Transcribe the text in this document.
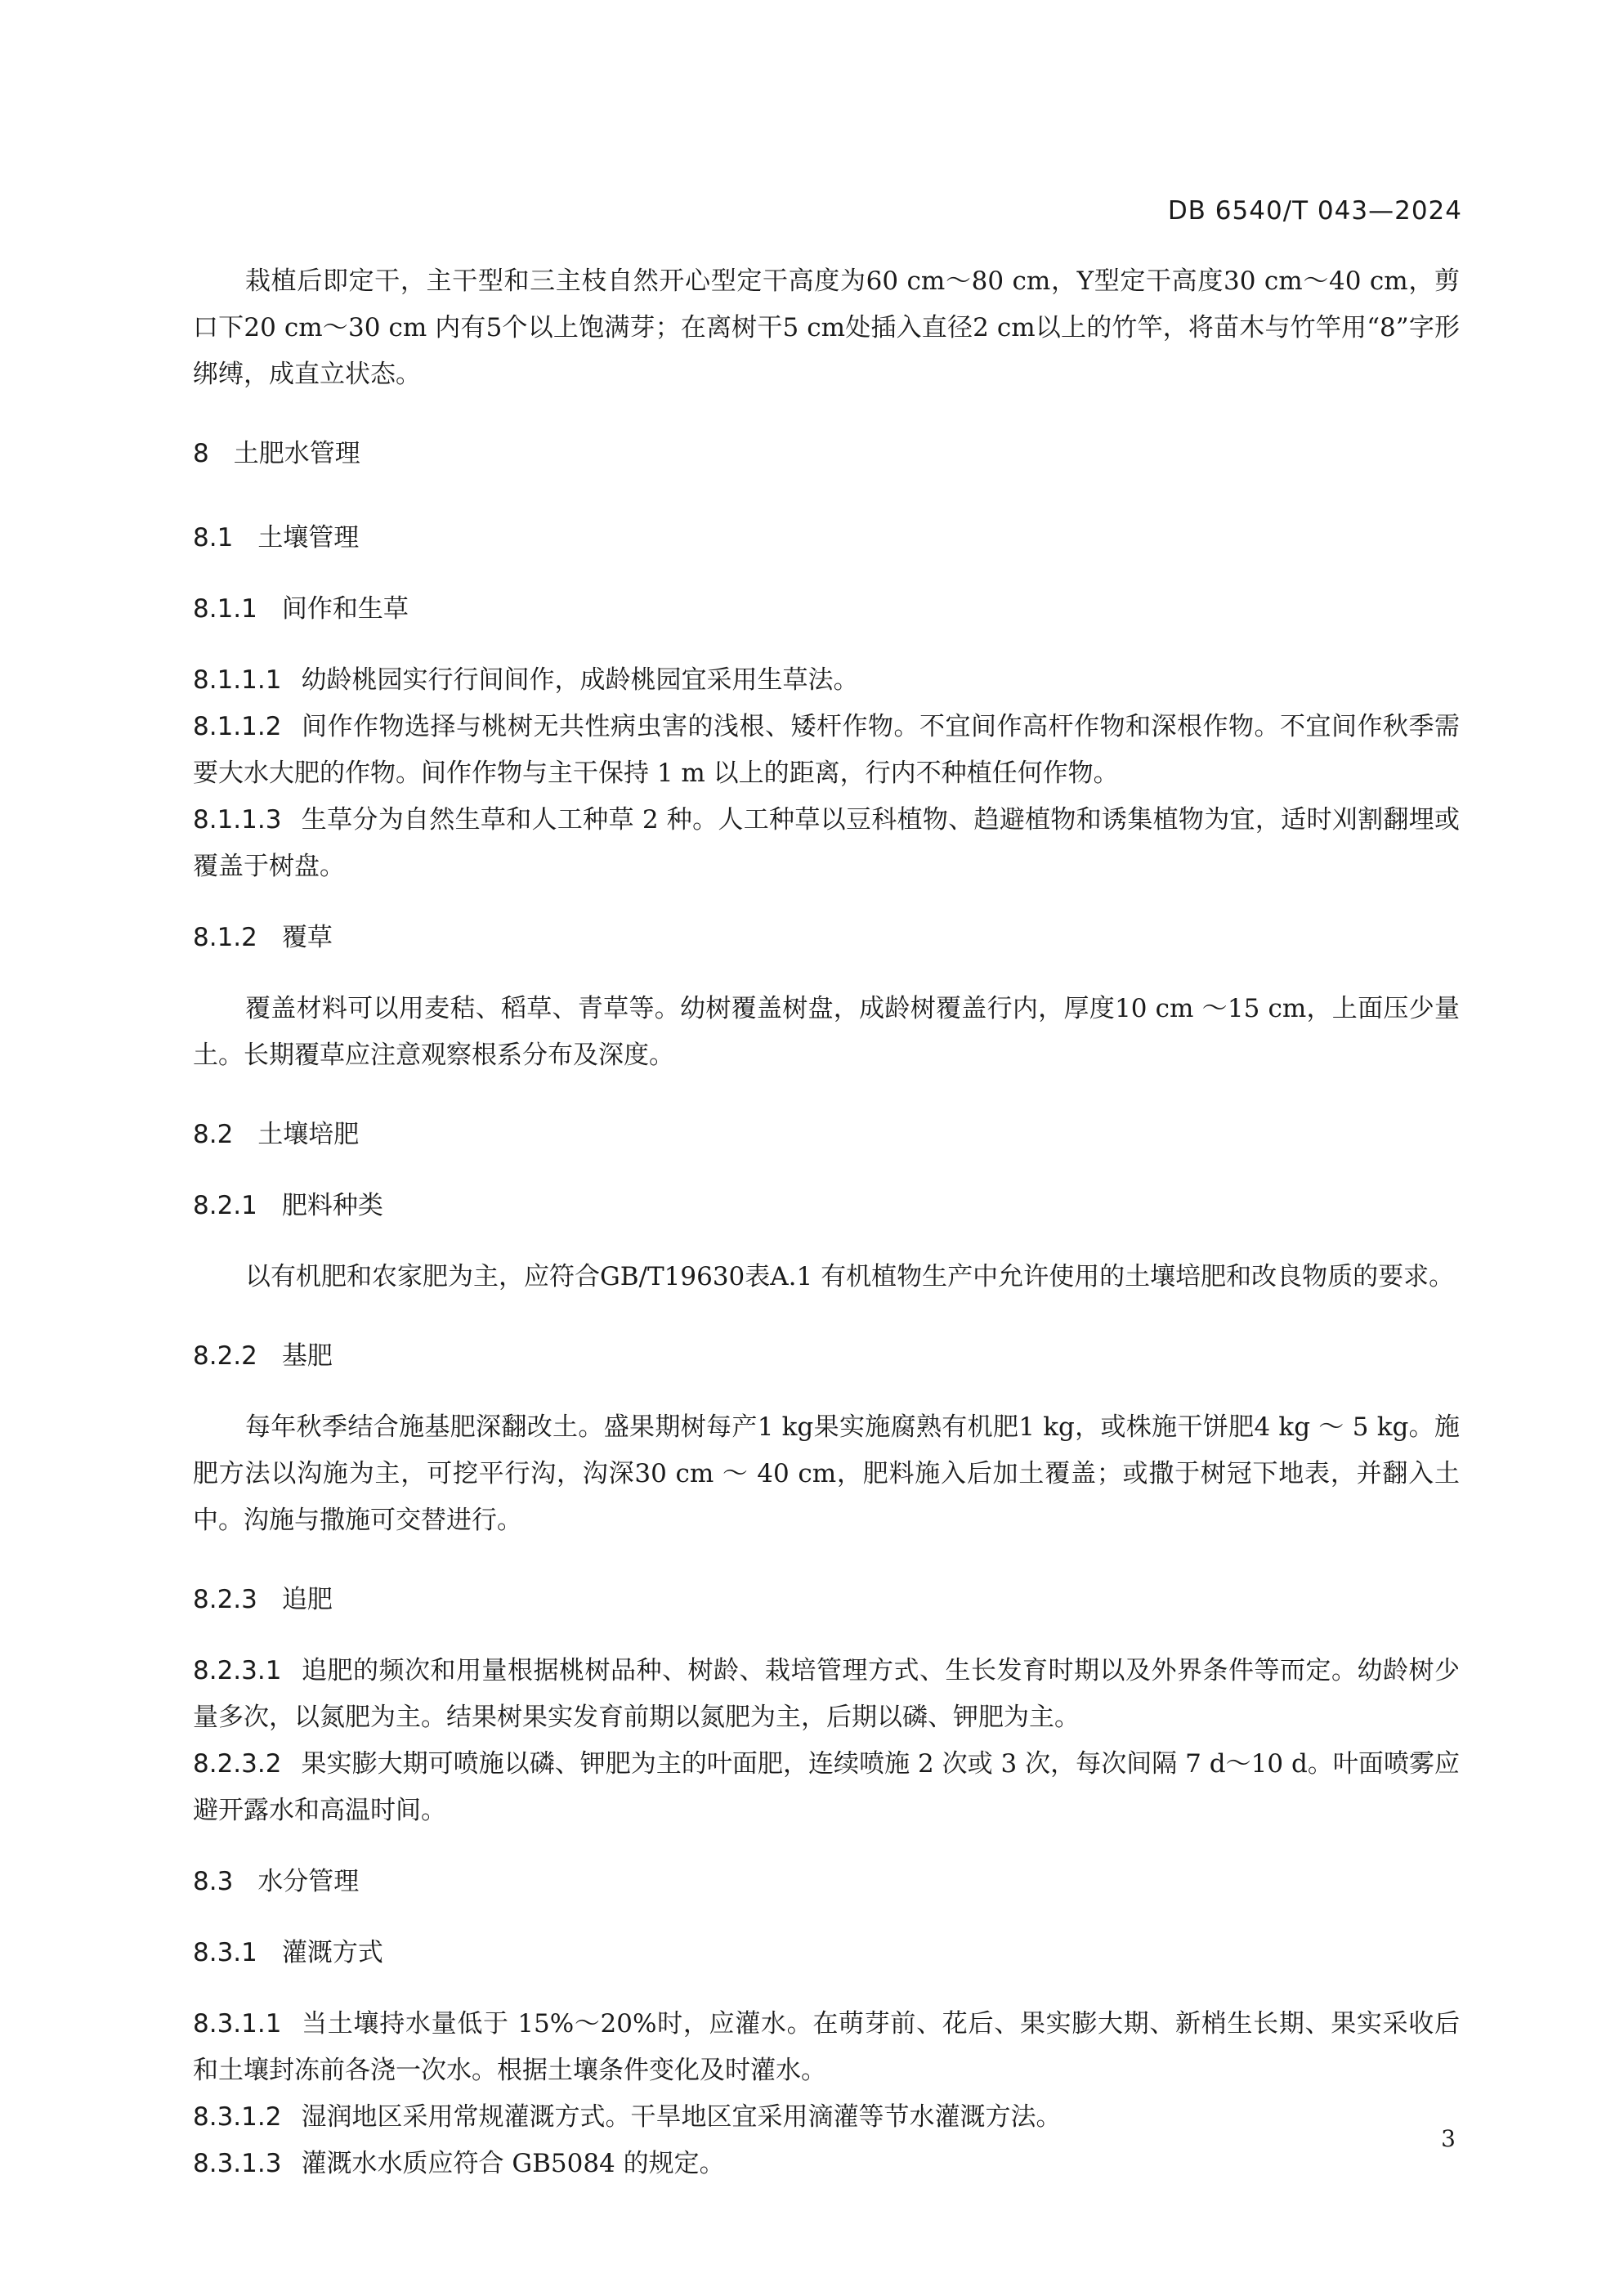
DB 6540/T 043—2024

栽植后即定干，主干型和三主枝自然开心型定干高度为60 cm～80 cm，Y型定干高度30 cm～40 cm，剪口下20 cm～30 cm 内有5个以上饱满芽；在离树干5 cm处插入直径2 cm以上的竹竿，将苗木与竹竿用“8”字形绑缚，成直立状态。

8 土肥水管理
8.1 土壤管理
8.1.1 间作和生草

8.1.1.1 幼龄桃园实行行间间作，成龄桃园宜采用生草法。

8.1.1.2 间作作物选择与桃树无共性病虫害的浅根、矮杆作物。不宜间作高杆作物和深根作物。不宜间作秋季需要大水大肥的作物。间作作物与主干保持 1 m 以上的距离，行内不种植任何作物。

8.1.1.3 生草分为自然生草和人工种草 2 种。人工种草以豆科植物、趋避植物和诱集植物为宜，适时刈割翻埋或覆盖于树盘。

8.1.2 覆草

覆盖材料可以用麦秸、稻草、青草等。幼树覆盖树盘，成龄树覆盖行内，厚度10 cm ～15 cm，上面压少量土。长期覆草应注意观察根系分布及深度。

8.2 土壤培肥
8.2.1 肥料种类

以有机肥和农家肥为主，应符合GB/T19630表A.1 有机植物生产中允许使用的土壤培肥和改良物质的要求。

8.2.2 基肥

每年秋季结合施基肥深翻改土。盛果期树每产1 kg果实施腐熟有机肥1 kg，或株施干饼肥4 kg ～ 5 kg。施肥方法以沟施为主，可挖平行沟，沟深30 cm ～ 40 cm，肥料施入后加土覆盖；或撒于树冠下地表，并翻入土中。沟施与撒施可交替进行。

8.2.3 追肥

8.2.3.1 追肥的频次和用量根据桃树品种、树龄、栽培管理方式、生长发育时期以及外界条件等而定。幼龄树少量多次，以氮肥为主。结果树果实发育前期以氮肥为主，后期以磷、钾肥为主。

8.2.3.2 果实膨大期可喷施以磷、钾肥为主的叶面肥，连续喷施 2 次或 3 次，每次间隔 7 d～10 d。叶面喷雾应避开露水和高温时间。

8.3 水分管理
8.3.1 灌溉方式

8.3.1.1 当土壤持水量低于 15%～20%时，应灌水。在萌芽前、花后、果实膨大期、新梢生长期、果实采收后和土壤封冻前各浇一次水。根据土壤条件变化及时灌水。

8.3.1.2 湿润地区采用常规灌溉方式。干旱地区宜采用滴灌等节水灌溉方法。

8.3.1.3 灌溉水水质应符合 GB5084 的规定。

3
